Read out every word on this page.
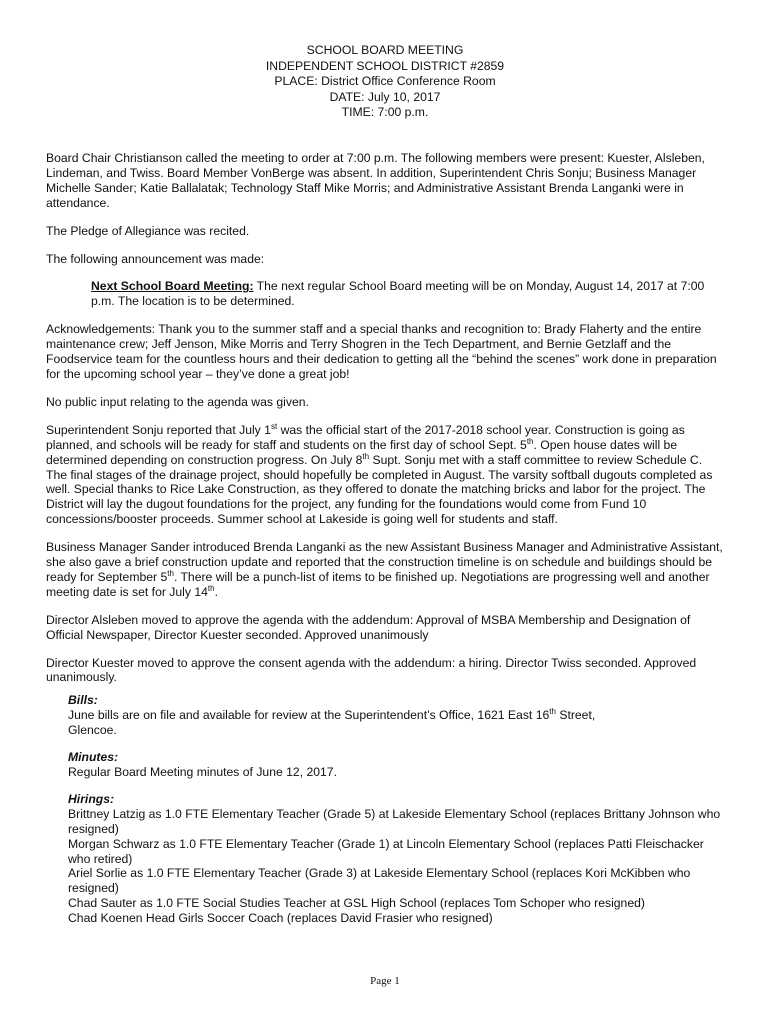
SCHOOL BOARD MEETING
INDEPENDENT SCHOOL DISTRICT #2859
PLACE: District Office Conference Room
DATE: July 10, 2017
TIME: 7:00 p.m.

Board Chair Christianson called the meeting to order at 7:00 p.m. The following members were present: Kuester, Alsleben, Lindeman, and Twiss. Board Member VonBerge was absent. In addition, Superintendent Chris Sonju; Business Manager Michelle Sander; Katie Ballalatak; Technology Staff Mike Morris; and Administrative Assistant Brenda Langanki were in attendance.

The Pledge of Allegiance was recited.

The following announcement was made:

Next School Board Meeting: The next regular School Board meeting will be on Monday, August 14, 2017 at 7:00 p.m. The location is to be determined.

Acknowledgements: Thank you to the summer staff and a special thanks and recognition to: Brady Flaherty and the entire maintenance crew; Jeff Jenson, Mike Morris and Terry Shogren in the Tech Department, and Bernie Getzlaff and the Foodservice team for the countless hours and their dedication to getting all the “behind the scenes” work done in preparation for the upcoming school year – they’ve done a great job!

No public input relating to the agenda was given.

Superintendent Sonju reported that July 1st was the official start of the 2017-2018 school year. Construction is going as planned, and schools will be ready for staff and students on the first day of school Sept. 5th. Open house dates will be determined depending on construction progress. On July 8th Supt. Sonju met with a staff committee to review Schedule C. The final stages of the drainage project, should hopefully be completed in August. The varsity softball dugouts completed as well. Special thanks to Rice Lake Construction, as they offered to donate the matching bricks and labor for the project. The District will lay the dugout foundations for the project, any funding for the foundations would come from Fund 10 concessions/booster proceeds. Summer school at Lakeside is going well for students and staff.

Business Manager Sander introduced Brenda Langanki as the new Assistant Business Manager and Administrative Assistant, she also gave a brief construction update and reported that the construction timeline is on schedule and buildings should be ready for September 5th. There will be a punch-list of items to be finished up. Negotiations are progressing well and another meeting date is set for July 14th.

Director Alsleben moved to approve the agenda with the addendum: Approval of MSBA Membership and Designation of Official Newspaper, Director Kuester seconded. Approved unanimously

Director Kuester moved to approve the consent agenda with the addendum: a hiring. Director Twiss seconded. Approved unanimously.

Bills:
June bills are on file and available for review at the Superintendent’s Office, 1621 East 16th Street,
Glencoe.
Minutes:
Regular Board Meeting minutes of June 12, 2017.
Hirings:
Brittney Latzig as 1.0 FTE Elementary Teacher (Grade 5) at Lakeside Elementary School (replaces Brittany Johnson who resigned)
Morgan Schwarz as 1.0 FTE Elementary Teacher (Grade 1) at Lincoln Elementary School (replaces Patti Fleischacker who retired)
Ariel Sorlie as 1.0 FTE Elementary Teacher (Grade 3) at Lakeside Elementary School (replaces Kori McKibben who resigned)
Chad Sauter as 1.0 FTE Social Studies Teacher at GSL High School (replaces Tom Schoper who resigned)
Chad Koenen Head Girls Soccer Coach (replaces David Frasier who resigned)
Page 1
